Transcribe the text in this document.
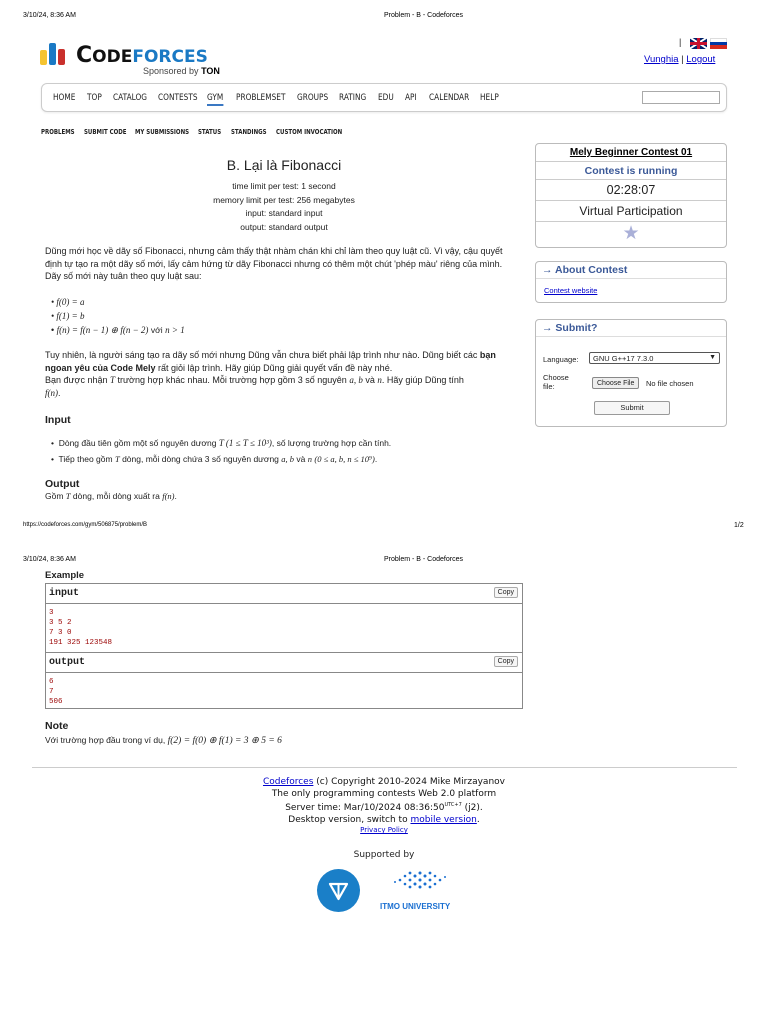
3/10/24, 8:36 AM	Problem - B - Codeforces
CODEFORCES
Sponsored by TON
|
Vunghia | Logout
HOME TOP CATALOG CONTESTS GYM PROBLEMSET GROUPS RATING EDU API CALENDAR HELP
PROBLEMS SUBMIT CODE MY SUBMISSIONS STATUS STANDINGS CUSTOM INVOCATION
B. Lại là Fibonacci
time limit per test: 1 second
memory limit per test: 256 megabytes
input: standard input
output: standard output
Dũng mới học về dãy số Fibonacci, nhưng cảm thấy thật nhàm chán khi chỉ làm theo quy luật cũ. Vì vậy, cậu quyết định tự tạo ra một dãy số mới, lấy cảm hứng từ dãy Fibonacci nhưng có thêm một chút 'phép màu' riêng của mình. Dãy số mới này tuân theo quy luật sau:
• f(0) = a
• f(1) = b
• f(n) = f(n − 1) ⊕ f(n − 2) với n > 1
Tuy nhiên, là người sáng tạo ra dãy số mới nhưng Dũng vẫn chưa biết phải lập trình như nào. Dũng biết các bạn ngoan yêu của Code Mely rất giỏi lập trình. Hãy giúp Dũng giải quyết vấn đề này nhé.
Bạn được nhận T trường hợp khác nhau. Mỗi trường hợp gồm 3 số nguyên a, b và n. Hãy giúp Dũng tính
f(n).
Input
•  Dòng đầu tiên gồm một số nguyên dương T (1 ≤ T ≤ 10³), số lượng trường hợp cần tính.
•  Tiếp theo gồm T dòng, mỗi dòng chứa 3 số nguyên dương a, b và n (0 ≤ a, b, n ≤ 10⁹).
Output
Gồm T dòng, mỗi dòng xuất ra f(n).
https://codeforces.com/gym/506875/problem/B	1/2
Mely Beginner Contest 01
Contest is running
02:28:07
Virtual Participation
★
→ About Contest
Contest website
→ Submit?
Language:	GNU G++17 7.3.0	▼
Choose file:	Choose File	No file chosen
Submit
3/10/24, 8:36 AM	Problem - B - Codeforces
Example
input	Copy
3
3 5 2
7 3 0
191 325 123548
output	Copy
6
7
506
Note
Với trường hợp đầu trong ví dụ, f(2) = f(0) ⊕ f(1) = 3 ⊕ 5 = 6
Codeforces (c) Copyright 2010-2024 Mike Mirzayanov
The only programming contests Web 2.0 platform
Server time: Mar/10/2024 $08:36:50^{UTC+7}$ (j2).
Desktop version, switch to mobile version.
Privacy Policy
Supported by
ITMO UNIVERSITY
